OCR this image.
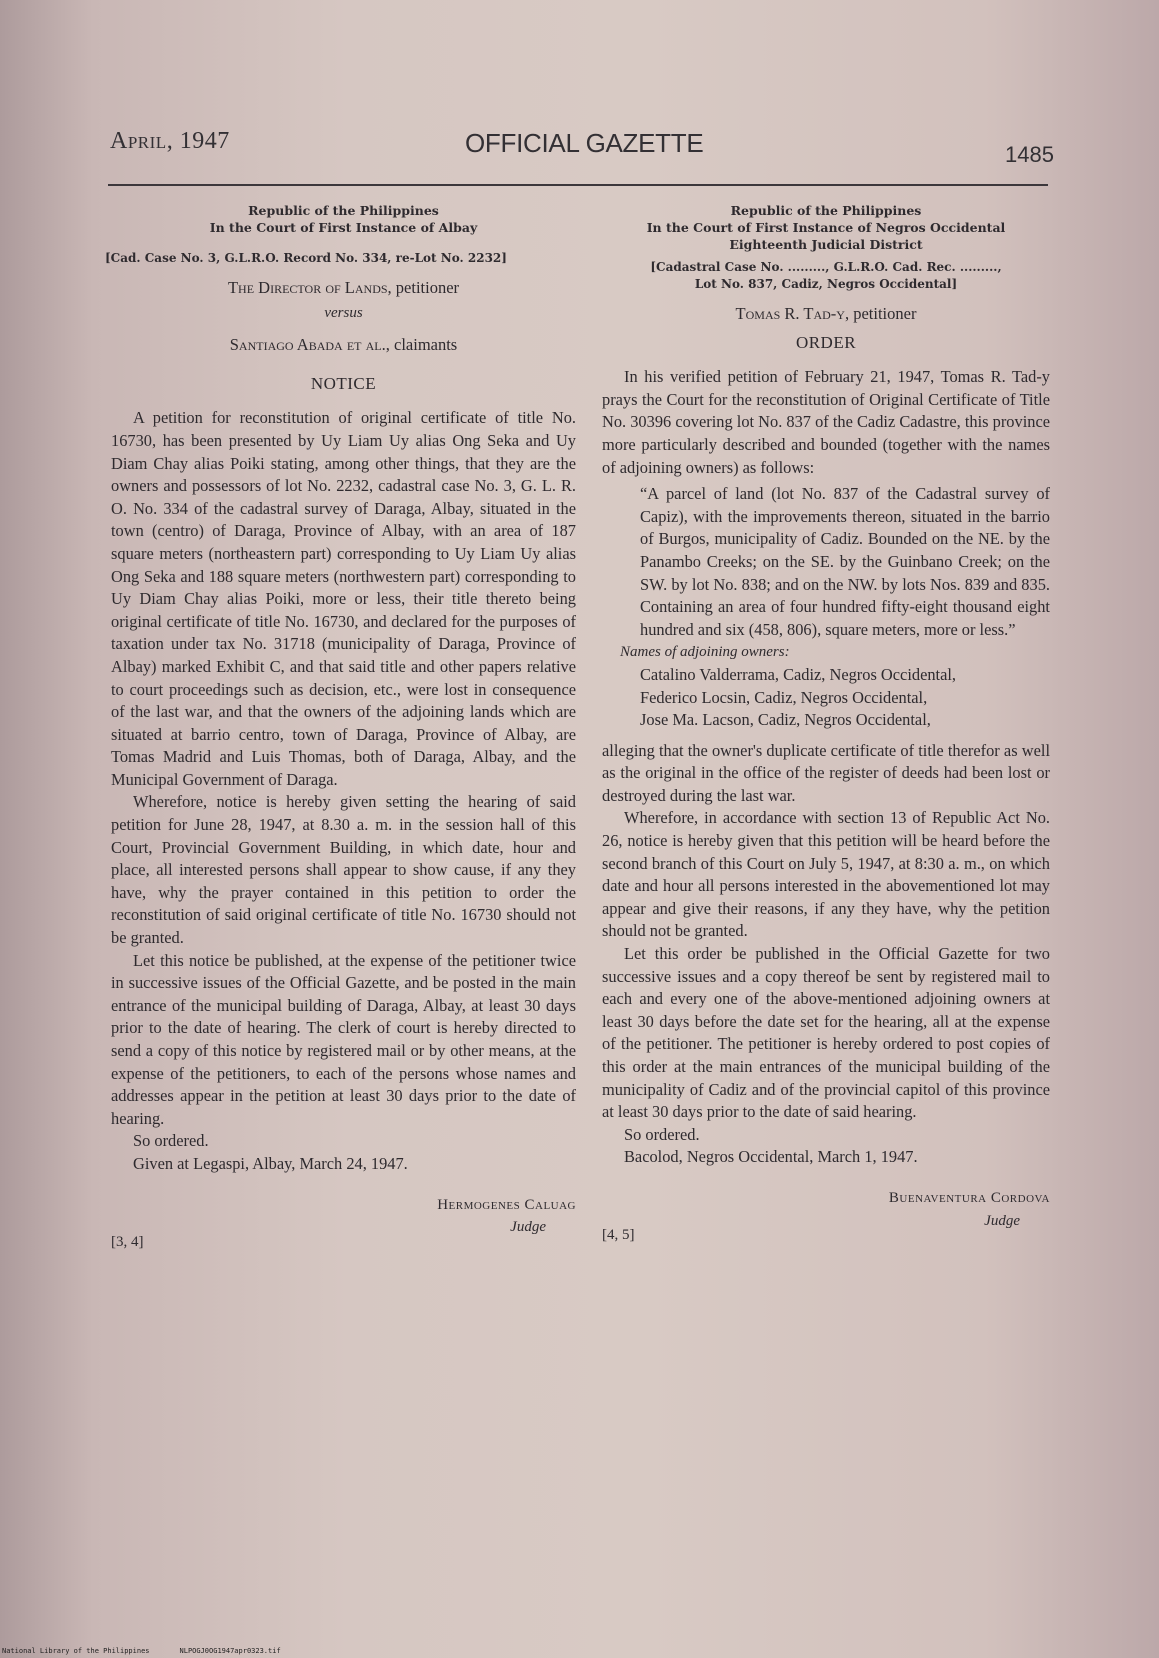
April, 1947	OFFICIAL GAZETTE	1485
Republic of the Philippines
In the Court of First Instance of Albay
[Cad. Case No. 3, G.L.R.O. Record No. 334, re-Lot No. 2232]
The Director of Lands, petitioner
versus
Santiago Abada et al., claimants
NOTICE

A petition for reconstitution of original certificate of title No. 16730, has been presented by Uy Liam Uy alias Ong Seka and Uy Diam Chay alias Poiki stating, among other things, that they are the owners and possessors of lot No. 2232, cadastral case No. 3, G. L. R. O. No. 334 of the cadastral survey of Daraga, Albay, situated in the town (centro) of Daraga, Province of Albay, with an area of 187 square meters (northeastern part) corresponding to Uy Liam Uy alias Ong Seka and 188 square meters (northwestern part) corresponding to Uy Diam Chay alias Poiki, more or less, their title thereto being original certificate of title No. 16730, and declared for the purposes of taxation under tax No. 31718 (municipality of Daraga, Province of Albay) marked Exhibit C, and that said title and other papers relative to court proceedings such as decision, etc., were lost in consequence of the last war, and that the owners of the adjoining lands which are situated at barrio centro, town of Daraga, Province of Albay, are Tomas Madrid and Luis Thomas, both of Daraga, Albay, and the Municipal Government of Daraga.

Wherefore, notice is hereby given setting the hearing of said petition for June 28, 1947, at 8.30 a. m. in the session hall of this Court, Provincial Government Building, in which date, hour and place, all interested persons shall appear to show cause, if any they have, why the prayer contained in this petition to order the reconstitution of said original certificate of title No. 16730 should not be granted.

Let this notice be published, at the expense of the petitioner twice in successive issues of the Official Gazette, and be posted in the main entrance of the municipal building of Daraga, Albay, at least 30 days prior to the date of hearing. The clerk of court is hereby directed to send a copy of this notice by registered mail or by other means, at the expense of the petitioners, to each of the persons whose names and addresses appear in the petition at least 30 days prior to the date of hearing.

So ordered.

Given at Legaspi, Albay, March 24, 1947.

Hermogenes Caluag
Judge
[3, 4]
Republic of the Philippines
In the Court of First Instance of Negros Occidental
Eighteenth Judicial District
[Cadastral Case No. ........., G.L.R.O. Cad. Rec. .........,
Lot No. 837, Cadiz, Negros Occidental]
Tomas R. Tad-y, petitioner
ORDER

In his verified petition of February 21, 1947, Tomas R. Tad-y prays the Court for the reconstitution of Original Certificate of Title No. 30396 covering lot No. 837 of the Cadiz Cadastre, this province more particularly described and bounded (together with the names of adjoining owners) as follows:

“A parcel of land (lot No. 837 of the Cadastral survey of Capiz), with the improvements thereon, situated in the barrio of Burgos, municipality of Cadiz. Bounded on the NE. by the Panambo Creeks; on the SE. by the Guinbano Creek; on the SW. by lot No. 838; and on the NW. by lots Nos. 839 and 835. Containing an area of four hundred fifty-eight thousand eight hundred and six (458, 806), square meters, more or less.”

Names of adjoining owners:
Catalino Valderrama, Cadiz, Negros Occidental,
Federico Locsin, Cadiz, Negros Occidental,
Jose Ma. Lacson, Cadiz, Negros Occidental,

alleging that the owner's duplicate certificate of title therefor as well as the original in the office of the register of deeds had been lost or destroyed during the last war.

Wherefore, in accordance with section 13 of Republic Act No. 26, notice is hereby given that this petition will be heard before the second branch of this Court on July 5, 1947, at 8:30 a. m., on which date and hour all persons interested in the abovementioned lot may appear and give their reasons, if any they have, why the petition should not be granted.

Let this order be published in the Official Gazette for two successive issues and a copy thereof be sent by registered mail to each and every one of the above-mentioned adjoining owners at least 30 days before the date set for the hearing, all at the expense of the petitioner. The petitioner is hereby ordered to post copies of this order at the main entrances of the municipal building of the municipality of Cadiz and of the provincial capitol of this province at least 30 days prior to the date of said hearing.

So ordered.

Bacolod, Negros Occidental, March 1, 1947.

Buenaventura Cordova
Judge
[4, 5]
National Library of the Philippines	NLPOGJ0OG1947apr0323.tif
